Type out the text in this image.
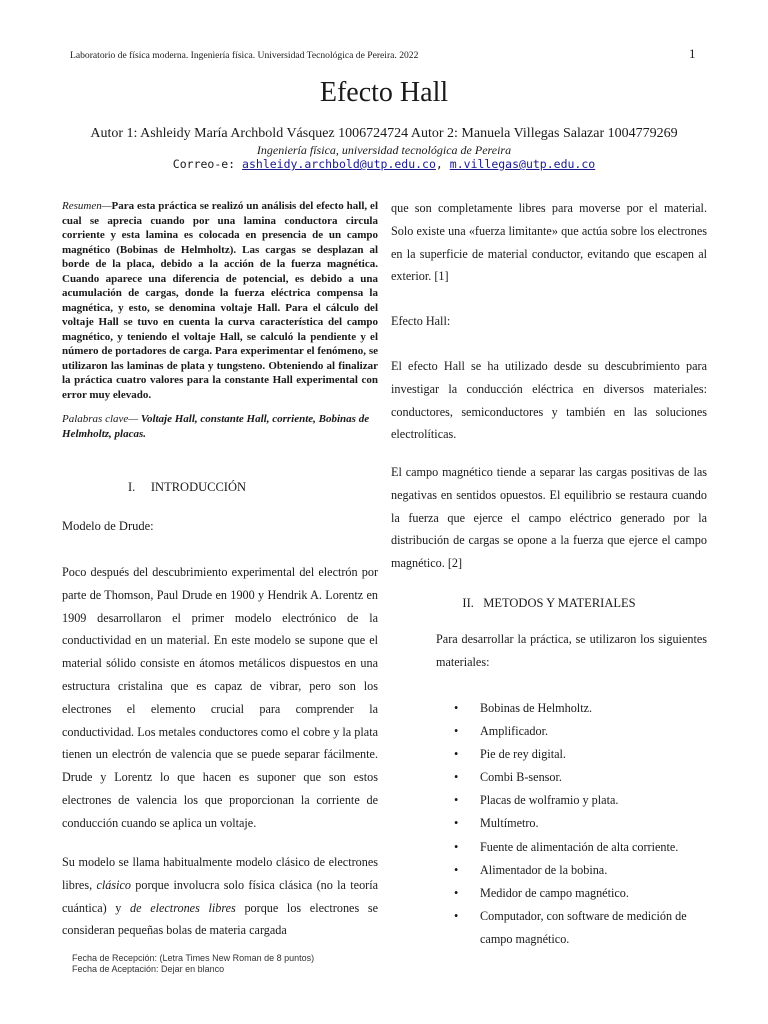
Laboratorio de física moderna. Ingeniería física. Universidad Tecnológica de Pereira. 2022	1
Efecto Hall
Autor 1: Ashleidy María Archbold Vásquez 1006724724 Autor 2: Manuela Villegas Salazar 1004779269
Ingeniería física, universidad tecnológica de Pereira
Correo-e: ashleidy.archbold@utp.edu.co, m.villegas@utp.edu.co
Resumen—Para esta práctica se realizó un análisis del efecto hall, el cual se aprecia cuando por una lamina conductora circula corriente y esta lamina es colocada en presencia de un campo magnético (Bobinas de Helmholtz). Las cargas se desplazan al borde de la placa, debido a la acción de la fuerza magnética. Cuando aparece una diferencia de potencial, es debido a una acumulación de cargas, donde la fuerza eléctrica compensa la magnética, y esto, se denomina voltaje Hall. Para el cálculo del voltaje Hall se tuvo en cuenta la curva característica del campo magnético, y teniendo el voltaje Hall, se calculó la pendiente y el número de portadores de carga. Para experimentar el fenómeno, se utilizaron las laminas de plata y tungsteno. Obteniendo al finalizar la práctica cuatro valores para la constante Hall experimental con error muy elevado.
Palabras clave— Voltaje Hall, constante Hall, corriente, Bobinas de Helmholtz, placas.
I.     INTRODUCCIÓN
Modelo de Drude:
Poco después del descubrimiento experimental del electrón por parte de Thomson, Paul Drude en 1900 y Hendrik A. Lorentz en 1909 desarrollaron el primer modelo electrónico de la conductividad en un material. En este modelo se supone que el material sólido consiste en átomos metálicos dispuestos en una estructura cristalina que es capaz de vibrar, pero son los electrones el elemento crucial para comprender la conductividad. Los metales conductores como el cobre y la plata tienen un electrón de valencia que se puede separar fácilmente. Drude y Lorentz lo que hacen es suponer que son estos electrones de valencia los que proporcionan la corriente de conducción cuando se aplica un voltaje.
Su modelo se llama habitualmente modelo clásico de electrones libres, clásico porque involucra solo física clásica (no la teoría cuántica) y de electrones libres porque los electrones se consideran pequeñas bolas de materia cargada
que son completamente libres para moverse por el material. Solo existe una «fuerza limitante» que actúa sobre los electrones en la superficie de material conductor, evitando que escapen al exterior. [1]
Efecto Hall:
El efecto Hall se ha utilizado desde su descubrimiento para investigar la conducción eléctrica en diversos materiales: conductores, semiconductores y también en las soluciones electrolíticas.
El campo magnético tiende a separar las cargas positivas de las negativas en sentidos opuestos. El equilibrio se restaura cuando la fuerza que ejerce el campo eléctrico generado por la distribución de cargas se opone a la fuerza que ejerce el campo magnético. [2]
II.   METODOS Y MATERIALES
Para desarrollar la práctica, se utilizaron los siguientes materiales:
• Bobinas de Helmholtz.
• Amplificador.
• Pie de rey digital.
• Combi B-sensor.
• Placas de wolframio y plata.
• Multímetro.
• Fuente de alimentación de alta corriente.
• Alimentador de la bobina.
• Medidor de campo magnético.
• Computador, con software de medición de campo magnético.
Fecha de Recepción: (Letra Times New Roman de 8 puntos)
Fecha de Aceptación: Dejar en blanco
